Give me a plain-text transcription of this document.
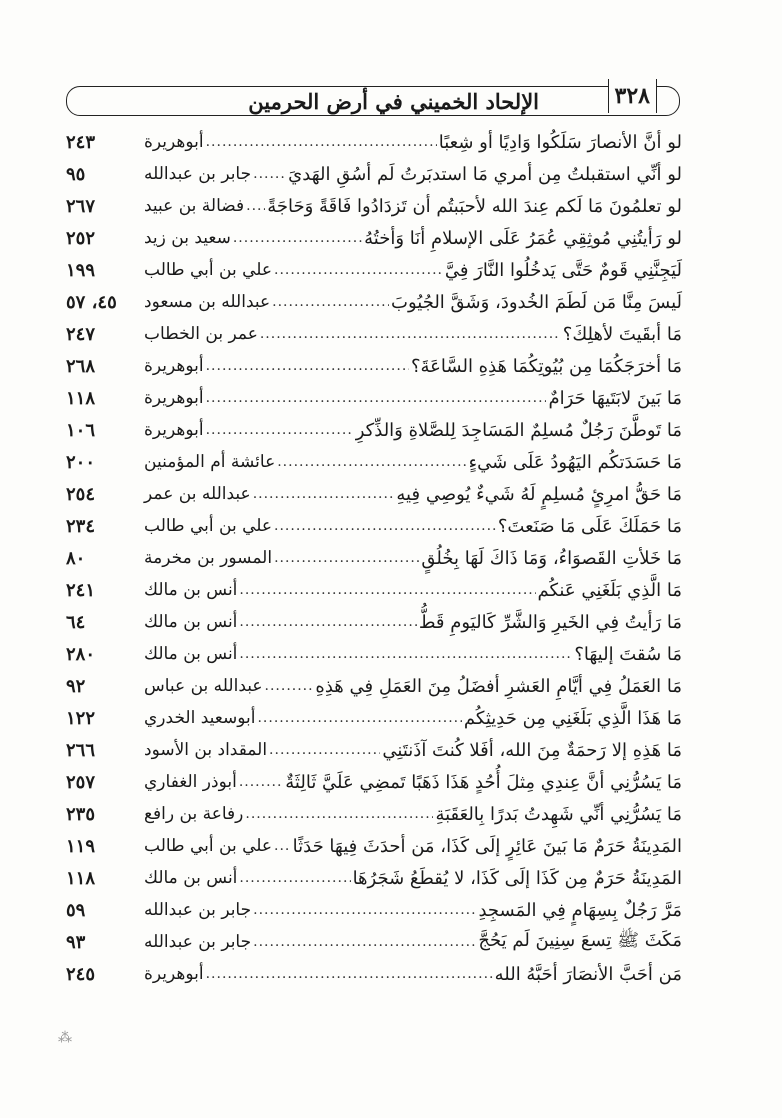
٣٢٨
الإلحاد الخميني في أرض الحرمين
لو أنَّ الأنصارَ سَلَكُوا وَادِيًا أو شِعبًا
.....
أبوهريرة
٢٤٣
لو أنِّي استقبلتُ مِن أمري مَا استدبَرتُ لَم أسُقِ الهَديَ
.....
جابر بن عبدالله
٩٥
لو تعلمُونَ مَا لَكم عِندَ الله لأحبَبتُم أن تَزدَادُوا فَاقَةً وَحَاجَةً
.....
فضالة بن عبيد
٢٦٧
لو رَأيتُنِي مُوثِقِي عُمَرُ عَلَى الإسلامِ أنَا وَأختُهُ
.....
سعيد بن زيد
٢٥٢
لَيَجِنَّنِي قَومٌ حَتَّى يَدخُلُوا النَّارَ فِيَّ
.....
علي بن أبي طالب
١٩٩
لَيسَ مِنَّا مَن لَطَمَ الخُدودَ، وَشَقَّ الجُيُوبَ
.....
عبدالله بن مسعود
٤٥، ٥٧
مَا أبقَيتَ لأهلِكَ؟
.....
عمر بن الخطاب
٢٤٧
مَا أخرَجَكُمَا مِن بُيُوتِكُمَا هَذِهِ السَّاعَةَ؟
.....
أبوهريرة
٢٦٨
مَا بَينَ لابَتَيهَا حَرَامٌ
.....
أبوهريرة
١١٨
مَا تَوطَّنَ رَجُلٌ مُسلِمٌ المَسَاجِدَ لِلصَّلاةِ وَالذِّكرِ
.....
أبوهريرة
١٠٦
مَا حَسَدَتكُم اليَهُودُ عَلَى شَيءٍ
.....
عائشة أم المؤمنين
٢٠٠
مَا حَقُّ امرِئٍ مُسلِمٍ لَهُ شَيءٌ يُوصِي فِيهِ
.....
عبدالله بن عمر
٢٥٤
مَا حَمَلَكَ عَلَى مَا صَنَعتَ؟
.....
علي بن أبي طالب
٢٣٤
مَا خَلأتِ القَصوَاءُ، وَمَا ذَاكَ لَهَا بِخُلُقٍ
.....
المسور بن مخرمة
٨٠
مَا الَّذِي بَلَغَنِي عَنكُم
.....
أنس بن مالك
٢٤١
مَا رَأيتُ فِي الخَيرِ وَالشَّرِّ كَاليَومِ قَطُّ
.....
أنس بن مالك
٦٤
مَا سُقتَ إليهَا؟
.....
أنس بن مالك
٢٨٠
مَا العَمَلُ فِي أيَّامِ العَشرِ أفضَلُ مِنَ العَمَلِ فِي هَذِهِ
.....
عبدالله بن عباس
٩٢
مَا هَذَا الَّذِي بَلَغَنِي مِن حَدِيثِكُم
.....
أبوسعيد الخدري
١٢٢
مَا هَذِهِ إلا رَحمَةٌ مِنَ الله، أفَلا كُنتَ آذَنتَنِي
.....
المقداد بن الأسود
٢٦٦
مَا يَسُرُّنِي أنَّ عِندِي مِثلَ أُحُدٍ هَذَا ذَهَبًا تَمضِي عَلَيَّ ثَالِثَةٌ
.....
أبوذر الغفاري
٢٥٧
مَا يَسُرُّنِي أنِّي شَهِدتُ بَدرًا بِالعَقَبَةِ
.....
رفاعة بن رافع
٢٣٥
المَدِينَةُ حَرَمٌ مَا بَينَ عَائِرٍ إلَى كَذَا، مَن أحدَثَ فِيهَا حَدَثًا
.....
علي بن أبي طالب
١١٩
المَدِينَةُ حَرَمٌ مِن كَذَا إلَى كَذَا، لا يُقطَعُ شَجَرُهَا
.....
أنس بن مالك
١١٨
مَرَّ رَجُلٌ بِسِهَامٍ فِي المَسجِدِ
.....
جابر بن عبدالله
٥٩
مَكَثَ ﷺ تِسعَ سِنِينَ لَم يَحُجَّ
.....
جابر بن عبدالله
٩٣
مَن أحَبَّ الأنصَارَ أحَبَّهُ الله
.....
أبوهريرة
٢٤٥
⁂
